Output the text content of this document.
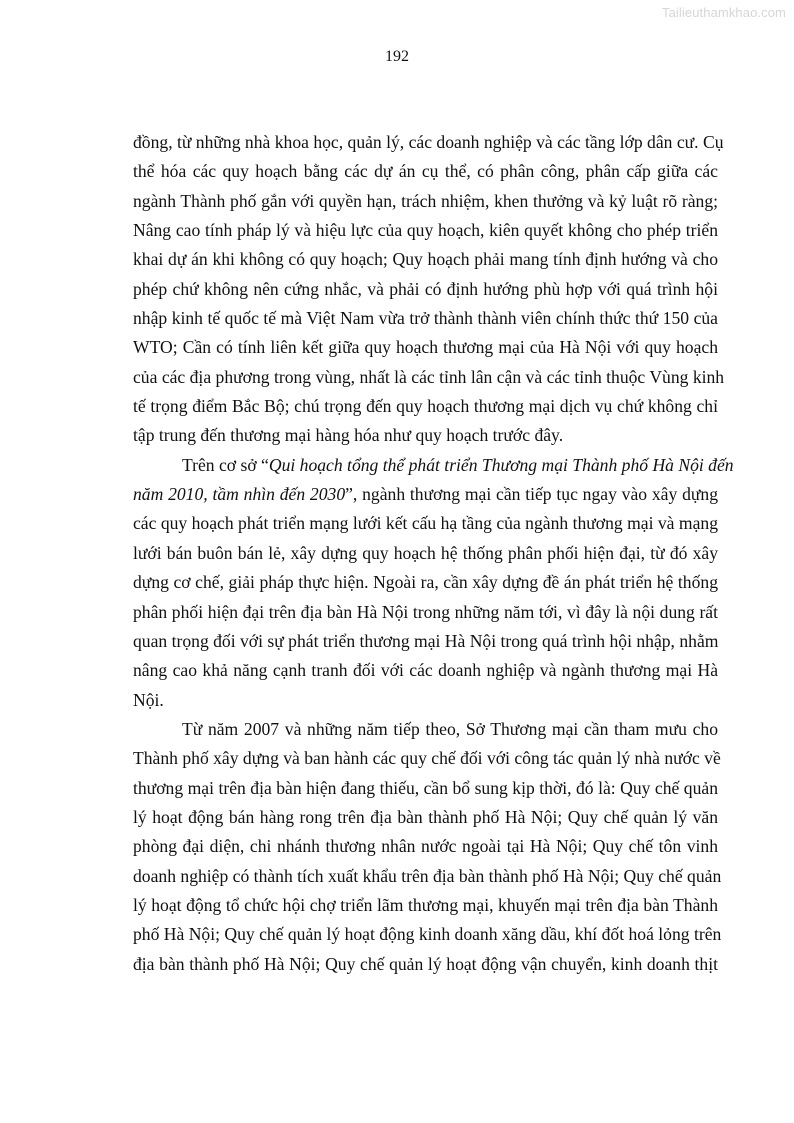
Tailieuthamkhao.com
192

đồng, từ những nhà khoa học, quản lý, các doanh nghiệp và các tầng lớp dân cư. Cụ
thể hóa các quy hoạch bằng các dự án cụ thể, có phân công, phân cấp giữa các
ngành Thành phố gắn với quyền hạn, trách nhiệm, khen thưởng và kỷ luật rõ ràng;
Nâng cao tính pháp lý và hiệu lực của quy hoạch, kiên quyết không cho phép triển
khai dự án khi không có quy hoạch; Quy hoạch phải mang tính định hướng và cho
phép chứ không nên cứng nhắc, và phải có định hướng phù hợp với quá trình hội
nhập kinh tế quốc tế mà Việt Nam vừa trở thành thành viên chính thức thứ 150 của
WTO; Cần có tính liên kết giữa quy hoạch thương mại của Hà Nội với quy hoạch
của các địa phương trong vùng, nhất là các tỉnh lân cận và các tỉnh thuộc Vùng kinh
tế trọng điểm Bắc Bộ; chú trọng đến quy hoạch thương mại dịch vụ chứ không chỉ
tập trung đến thương mại hàng hóa như quy hoạch trước đây.

Trên cơ sở “Qui hoạch tổng thể phát triển Thương mại Thành phố Hà Nội đến
năm 2010, tầm nhìn đến 2030”, ngành thương mại cần tiếp tục ngay vào xây dựng
các quy hoạch phát triển mạng lưới kết cấu hạ tầng của ngành thương mại và mạng
lưới bán buôn bán lẻ, xây dựng quy hoạch hệ thống phân phối hiện đại, từ đó xây
dựng cơ chế, giải pháp thực hiện. Ngoài ra, cần xây dựng đề án phát triển hệ thống
phân phối hiện đại trên địa bàn Hà Nội trong những năm tới, vì đây là nội dung rất
quan trọng đối với sự phát triển thương mại Hà Nội trong quá trình hội nhập, nhằm
nâng cao khả năng cạnh tranh đối với các doanh nghiệp và ngành thương mại Hà
Nội.

Từ năm 2007 và những năm tiếp theo, Sở Thương mại cần tham mưu cho
Thành phố xây dựng và ban hành các quy chế đối với công tác quản lý nhà nước về
thương mại trên địa bàn hiện đang thiếu, cần bổ sung kịp thời, đó là: Quy chế quản
lý hoạt động bán hàng rong trên địa bàn thành phố Hà Nội; Quy chế quản lý văn
phòng đại diện, chi nhánh thương nhân nước ngoài tại Hà Nội; Quy chế tôn vinh
doanh nghiệp có thành tích xuất khẩu trên địa bàn thành phố Hà Nội; Quy chế quản
lý hoạt động tổ chức hội chợ triển lãm thương mại, khuyến mại trên địa bàn Thành
phố Hà Nội; Quy chế quản lý hoạt động kinh doanh xăng dầu, khí đốt hoá lỏng trên
địa bàn thành phố Hà Nội; Quy chế quản lý hoạt động vận chuyển, kinh doanh thịt
